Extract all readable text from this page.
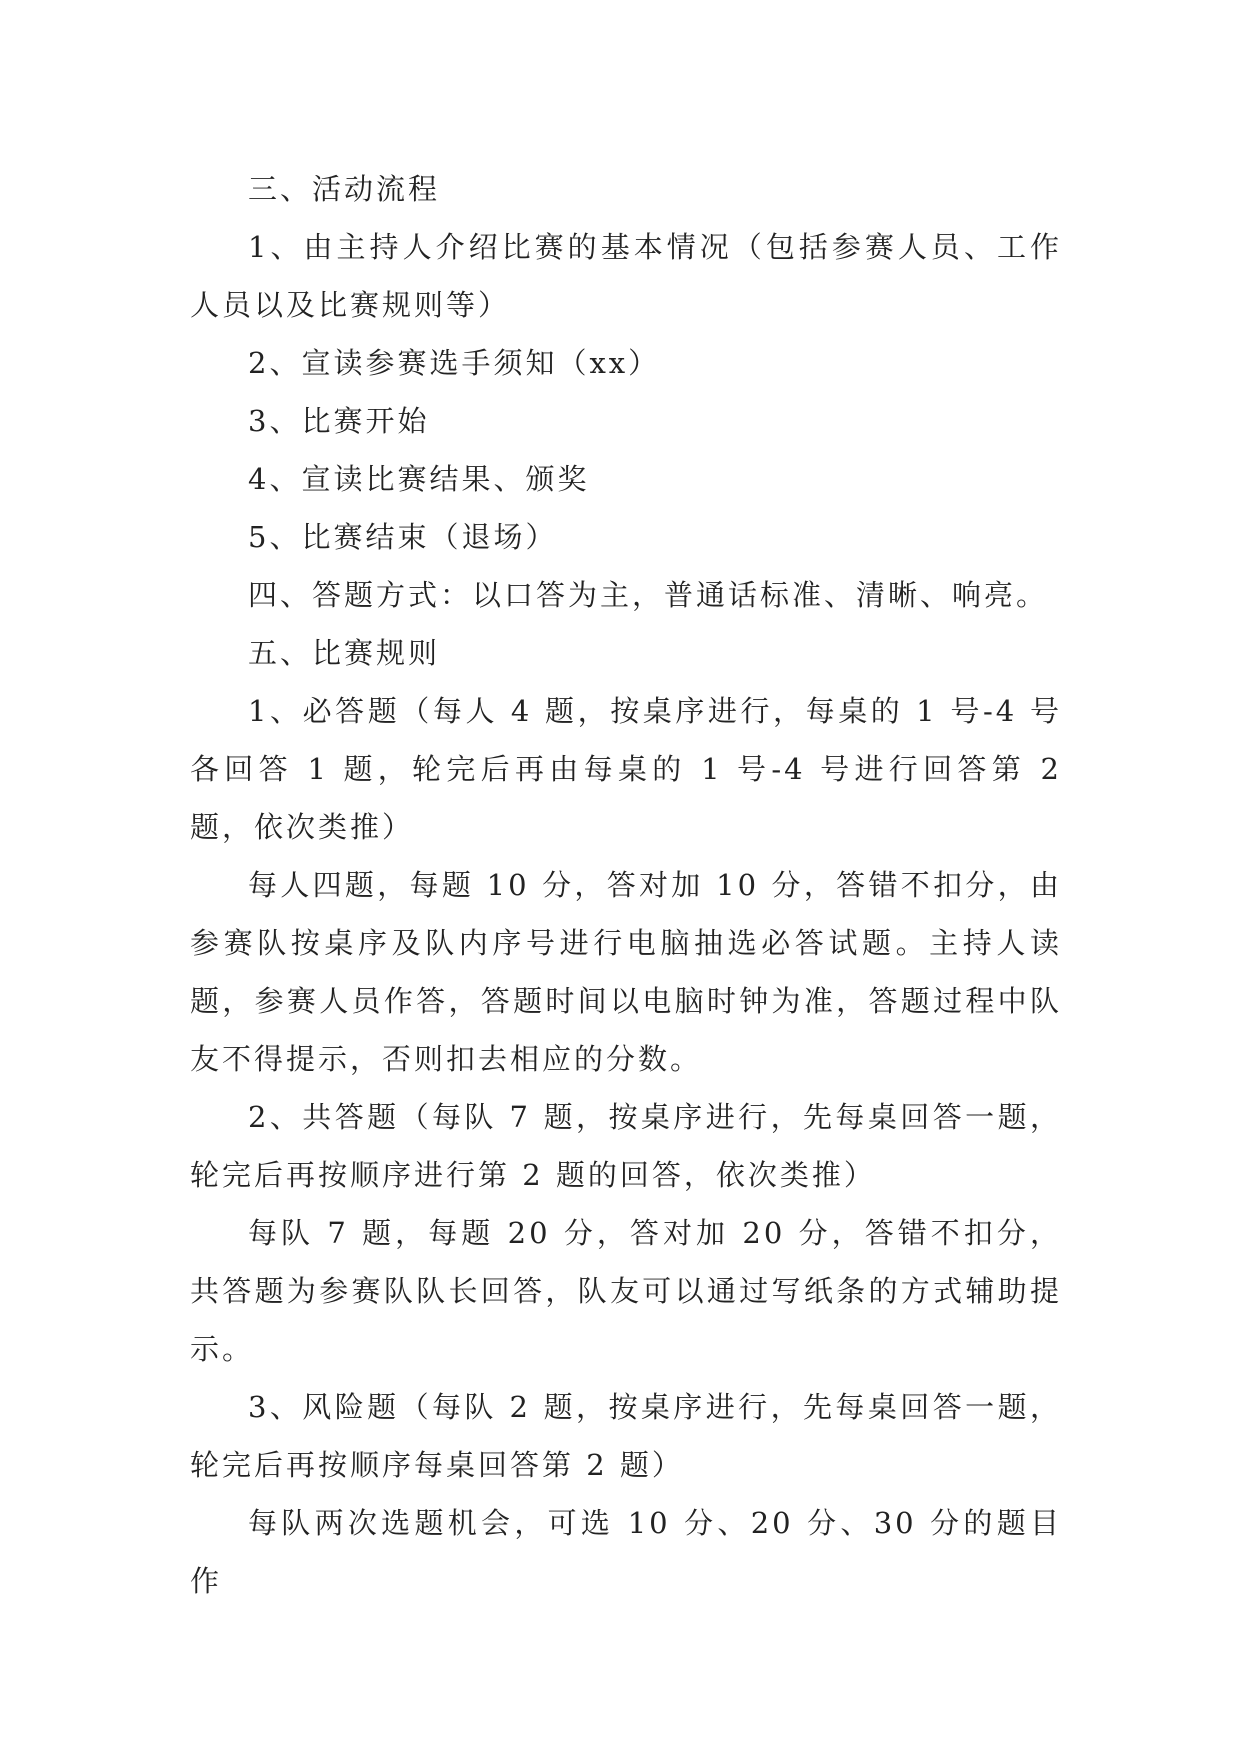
三、活动流程

1、由主持人介绍比赛的基本情况（包括参赛人员、工作人员以及比赛规则等）

2、宣读参赛选手须知（xx）

3、比赛开始

4、宣读比赛结果、颁奖

5、比赛结束（退场）

四、答题方式：以口答为主，普通话标准、清晰、响亮。

五、比赛规则

1、必答题（每人 4 题，按桌序进行，每桌的 1 号-4 号各回答 1 题，轮完后再由每桌的 1 号-4 号进行回答第 2 题，依次类推）

每人四题，每题 10 分，答对加 10 分，答错不扣分，由参赛队按桌序及队内序号进行电脑抽选必答试题。主持人读题，参赛人员作答，答题时间以电脑时钟为准，答题过程中队友不得提示，否则扣去相应的分数。

2、共答题（每队 7 题，按桌序进行，先每桌回答一题，轮完后再按顺序进行第 2 题的回答，依次类推）

每队 7 题，每题 20 分，答对加 20 分，答错不扣分，共答题为参赛队队长回答，队友可以通过写纸条的方式辅助提示。

3、风险题（每队 2 题，按桌序进行，先每桌回答一题，轮完后再按顺序每桌回答第 2 题）

每队两次选题机会，可选 10 分、20 分、30 分的题目作
